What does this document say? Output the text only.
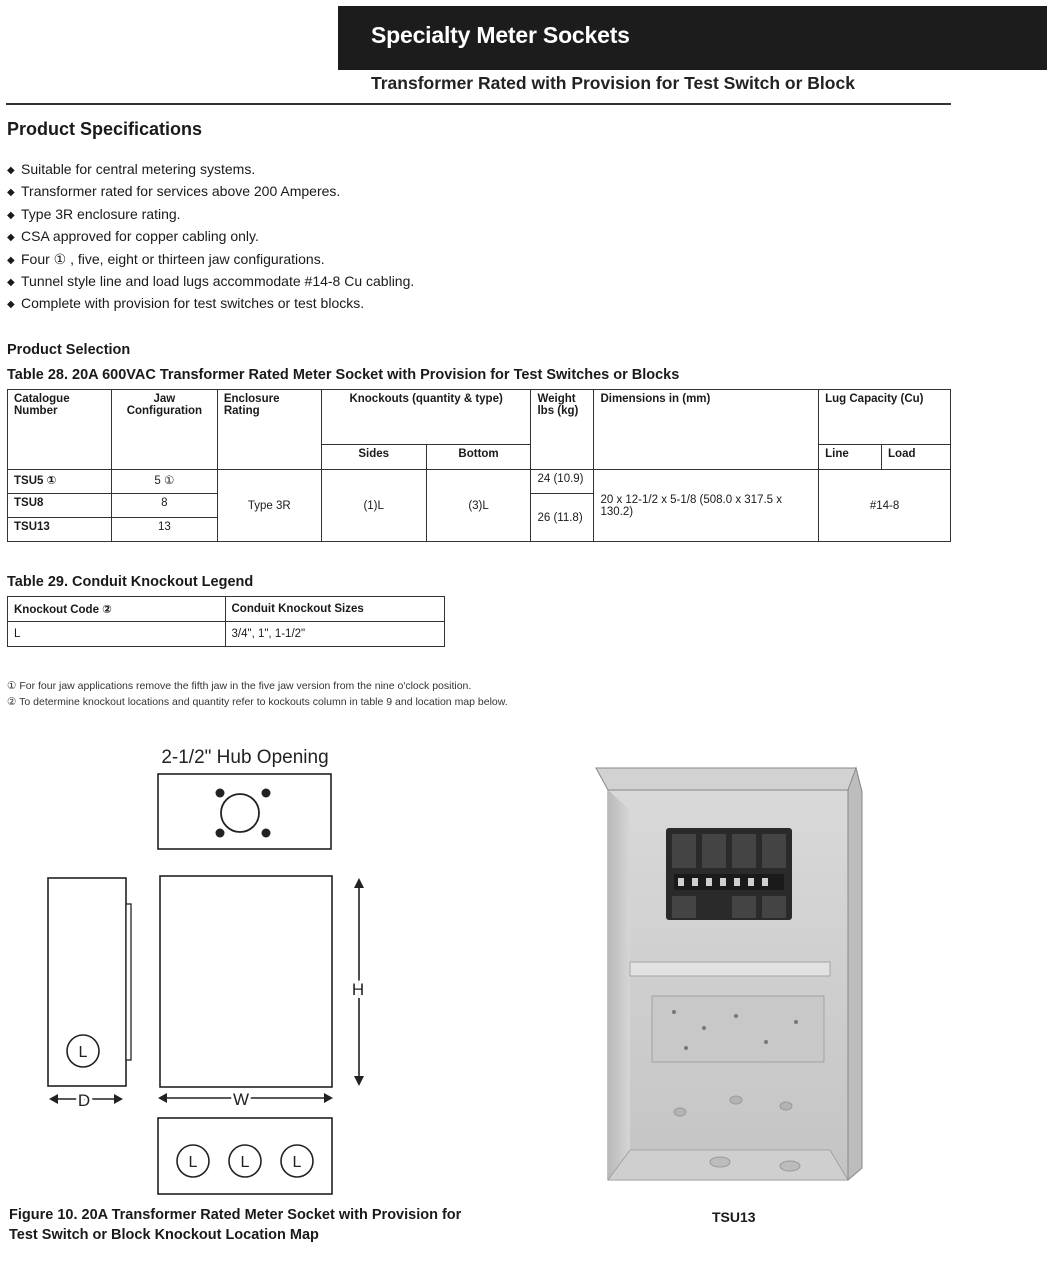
Specialty Meter Sockets
Transformer Rated with Provision for Test Switch or Block
Product Specifications
◆ Suitable for central metering systems.
◆ Transformer rated for services above 200 Amperes.
◆ Type 3R enclosure rating.
◆ CSA approved for copper cabling only.
◆ Four ① , five, eight or thirteen jaw configurations.
◆ Tunnel style line and load lugs accommodate #14-8 Cu cabling.
◆ Complete with provision for test switches or test blocks.
Product Selection
Table 28. 20A 600VAC Transformer Rated Meter Socket with Provision for Test Switches or Blocks
Catalogue Number	Jaw Configuration	Enclosure Rating	Knockouts (quantity & type)		Weight lbs (kg)	Dimensions in (mm)	Lug Capacity (Cu)	
			Sides	Bottom			Line	Load
TSU5 ①	5 ①	Type 3R	(1)L	(3)L	24 (10.9)	20 x 12-1/2 x 5-1/8 (508.0 x 317.5 x 130.2)	#14-8	
TSU8	8				26 (11.8)			
TSU13	13							
Table 29. Conduit Knockout Legend
Knockout Code ②	Conduit Knockout Sizes
L	3/4", 1", 1-1/2"
① For four jaw applications remove the fifth jaw in the five jaw version from the nine o'clock position.
② To determine knockout locations and quantity refer to kockouts column in table 9 and location map below.
2-1/2" Hub Opening
H
L
D	W
L	L	L
Figure 10. 20A Transformer Rated Meter Socket with Provision for
Test Switch or Block Knockout Location Map
TSU13
